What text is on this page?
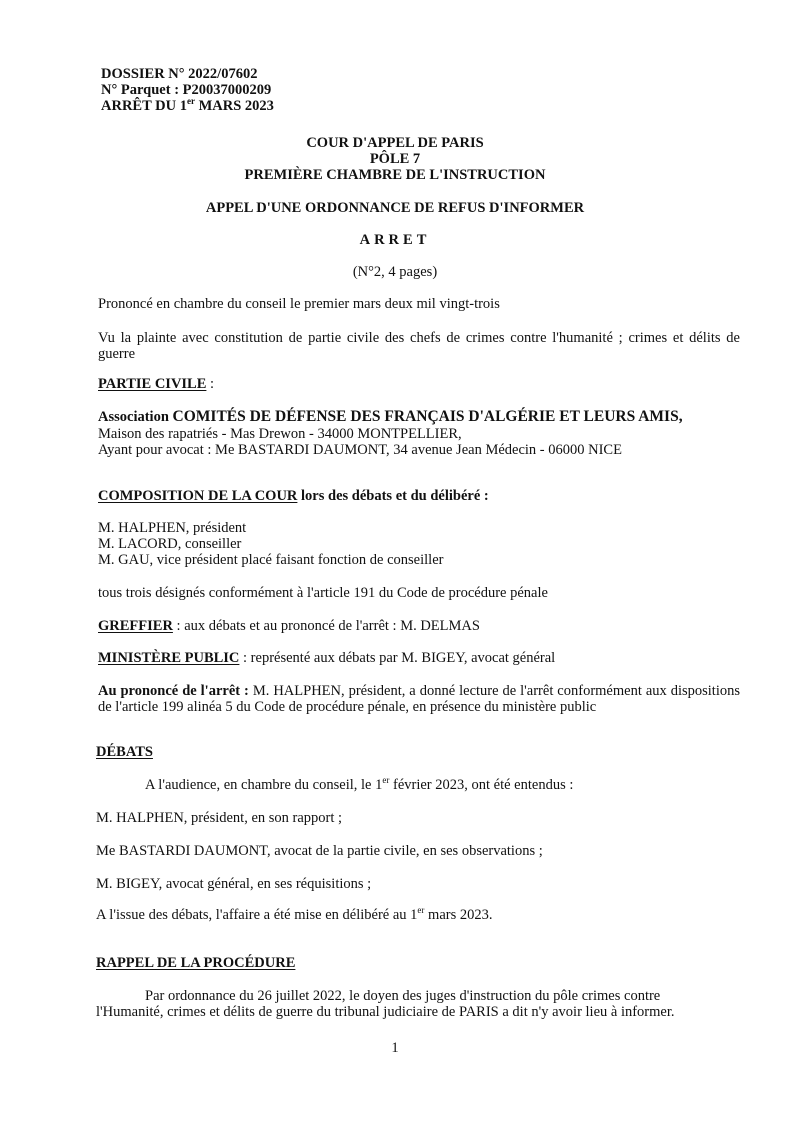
DOSSIER N° 2022/07602
N° Parquet : P20037000209
ARRÊT DU 1er MARS 2023
COUR D'APPEL DE PARIS
PÔLE 7
PREMIÈRE CHAMBRE DE L'INSTRUCTION
APPEL D'UNE ORDONNANCE DE REFUS D'INFORMER
ARRET
(N°2, 4 pages)
Prononcé en chambre du conseil le premier mars deux mil vingt-trois
Vu la plainte avec constitution de partie civile des chefs de crimes contre l'humanité ; crimes et délits de guerre
PARTIE CIVILE :
Association COMITÉS DE DÉFENSE DES FRANÇAIS D'ALGÉRIE ET LEURS AMIS,
Maison des rapatriés - Mas Drewon - 34000 MONTPELLIER,
Ayant pour avocat : Me BASTARDI DAUMONT, 34 avenue Jean Médecin - 06000 NICE
COMPOSITION DE LA COUR lors des débats et du délibéré :
M. HALPHEN, président
M. LACORD, conseiller
M. GAU, vice président placé faisant fonction de conseiller
tous trois désignés conformément à l'article 191 du Code de procédure pénale
GREFFIER : aux débats et au prononcé de l'arrêt : M. DELMAS
MINISTÈRE PUBLIC : représenté aux débats par M. BIGEY, avocat général
Au prononcé de l'arrêt : M. HALPHEN, président, a donné lecture de l'arrêt conformément aux dispositions de l'article 199 alinéa 5 du Code de procédure pénale, en présence du ministère public
DÉBATS
A l'audience, en chambre du conseil, le 1er février 2023, ont été entendus :
M. HALPHEN, président, en son rapport ;
Me BASTARDI DAUMONT, avocat de la partie civile, en ses observations ;
M. BIGEY, avocat général, en ses réquisitions ;
A l'issue des débats, l'affaire a été mise en délibéré au 1er mars 2023.
RAPPEL DE LA PROCÉDURE
Par ordonnance du 26 juillet 2022, le doyen des juges d'instruction du pôle crimes contre
l'Humanité, crimes et délits de guerre du tribunal judiciaire de PARIS a dit n'y avoir lieu à informer.
1
